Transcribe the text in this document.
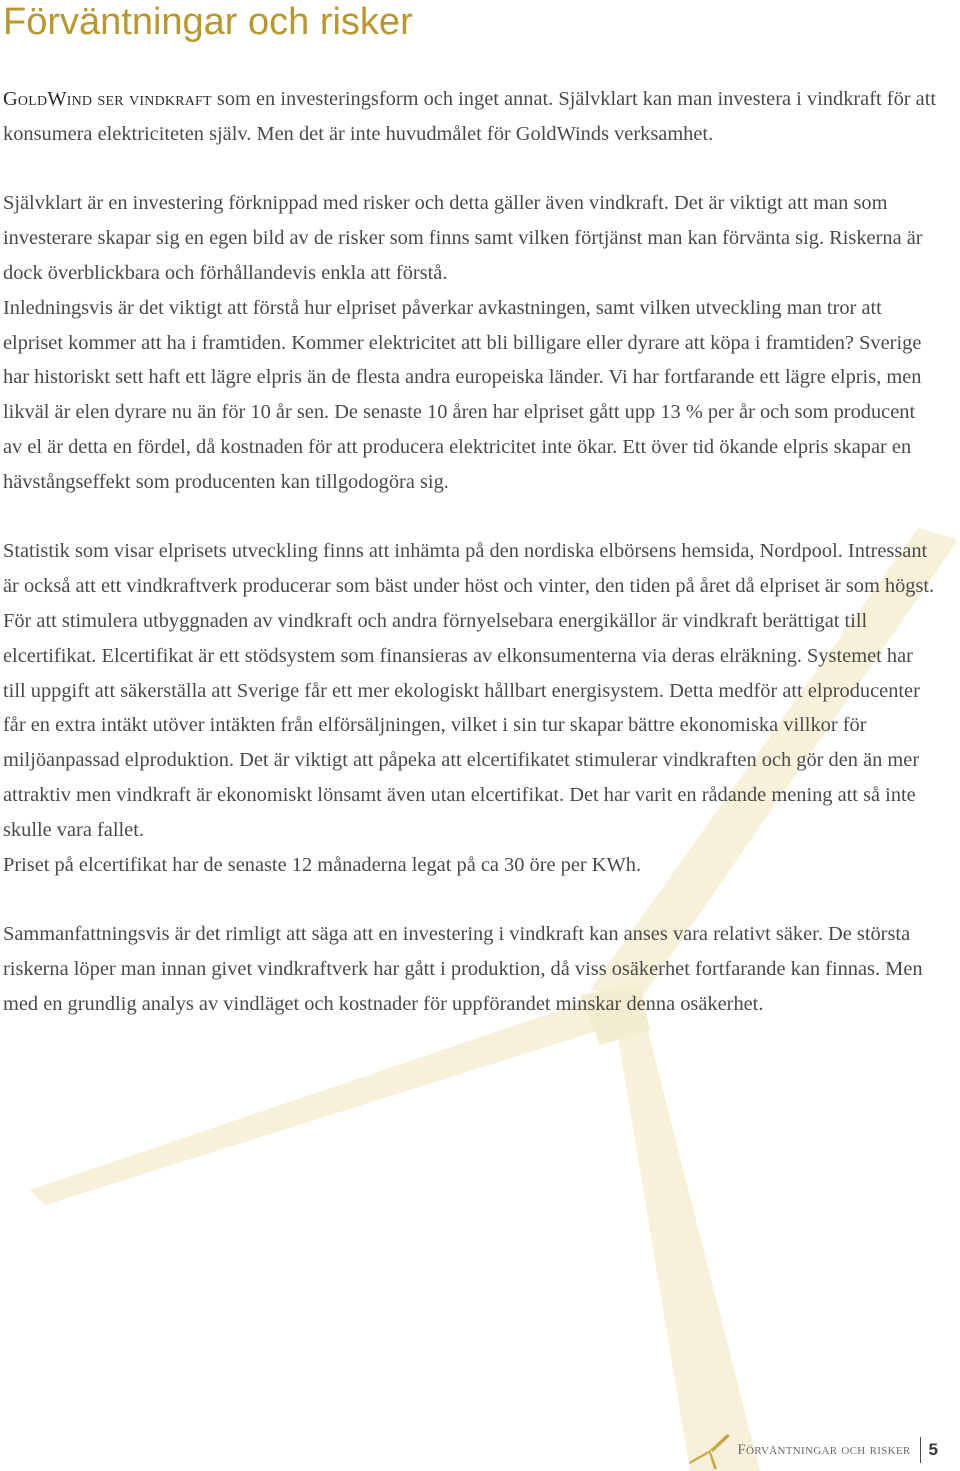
Förväntningar och risker

GoldWind ser vindkraft som en investeringsform och inget annat. Självklart kan man investera i vindkraft för att konsumera elektriciteten själv. Men det är inte huvudmålet för GoldWinds verksamhet.

Självklart är en investering förknippad med risker och detta gäller även vindkraft. Det är viktigt att man som investerare skapar sig en egen bild av de risker som finns samt vilken förtjänst man kan förvänta sig. Riskerna är dock överblickbara och förhållandevis enkla att förstå.

Inledningsvis är det viktigt att förstå hur elpriset påverkar avkastningen, samt vilken utveckling man tror att elpriset kommer att ha i framtiden. Kommer elektricitet att bli billigare eller dyrare att köpa i framtiden? Sverige har historiskt sett haft ett lägre elpris än de flesta andra europeiska länder. Vi har fortfarande ett lägre elpris, men likväl är elen dyrare nu än för 10 år sen. De senaste 10 åren har elpriset gått upp 13 % per år och som producent av el är detta en fördel, då kostnaden för att producera elektricitet inte ökar. Ett över tid ökande elpris skapar en hävstångseffekt som producenten kan tillgodogöra sig.

Statistik som visar elprisets utveckling finns att inhämta på den nordiska elbörsens hemsida, Nordpool. Intressant är också att ett vindkraftverk producerar som bäst under höst och vinter, den tiden på året då elpriset är som högst.

För att stimulera utbyggnaden av vindkraft och andra förnyelsebara energikällor är vindkraft berättigat till elcertifikat. Elcertifikat är ett stödsystem som finansieras av elkonsumenterna via deras elräkning. Systemet har till uppgift att säkerställa att Sverige får ett mer ekologiskt hållbart energisystem. Detta medför att elproducenter får en extra intäkt utöver intäkten från elförsäljningen, vilket i sin tur skapar bättre ekonomiska villkor för miljöanpassad elproduktion. Det är viktigt att påpeka att elcertifikatet stimulerar vindkraften och gör den än mer attraktiv men vindkraft är ekonomiskt lönsamt även utan elcertifikat. Det har varit en rådande mening att så inte skulle vara fallet.

Priset på elcertifikat har de senaste 12 månaderna legat på ca 30 öre per KWh.

Sammanfattningsvis är det rimligt att säga att en investering i vindkraft kan anses vara relativt säker. De största riskerna löper man innan givet vindkraftverk har gått i produktion, då viss osäkerhet fortfarande kan finnas. Men med en grundlig analys av vindläget och kostnader för uppförandet minskar denna osäkerhet.

Förväntningar och risker 5
